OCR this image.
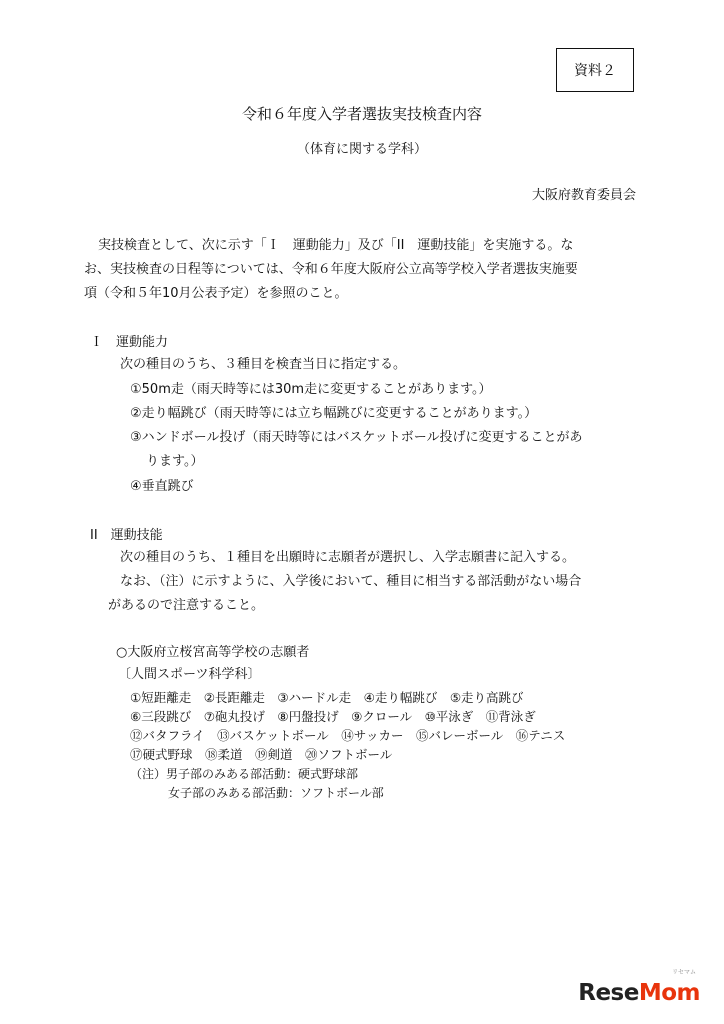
資料２
令和６年度入学者選抜実技検査内容
（体育に関する学科）
大阪府教育委員会
実技検査として、次に示す「Ｉ　運動能力」及び「II　運動技能」を実施する。な
お、実技検査の日程等については、令和６年度大阪府公立高等学校入学者選抜実施要
項（令和５年10月公表予定）を参照のこと。
Ｉ　運動能力
次の種目のうち、３種目を検査当日に指定する。
①50m走（雨天時等には30m走に変更することがあります。）
②走り幅跳び（雨天時等には立ち幅跳びに変更することがあります。）
③ハンドボール投げ（雨天時等にはバスケットボール投げに変更することがあ
ります。）
④垂直跳び
II　運動技能
次の種目のうち、１種目を出願時に志願者が選択し、入学志願書に記入する。
なお、（注）に示すように、入学後において、種目に相当する部活動がない場合
があるので注意すること。
○大阪府立桜宮高等学校の志願者
〔人間スポーツ科学科〕
①短距離走　②長距離走　③ハードル走　④走り幅跳び　⑤走り高跳び
⑥三段跳び　⑦砲丸投げ　⑧円盤投げ　⑨クロール　⑩平泳ぎ　⑪背泳ぎ
⑫バタフライ　⑬バスケットボール　⑭サッカー　⑮バレーボール　⑯テニス
⑰硬式野球　⑱柔道　⑲剣道　⑳ソフトボール
（注）男子部のみある部活動：硬式野球部
女子部のみある部活動：ソフトボール部
リセマム
ReseMom
